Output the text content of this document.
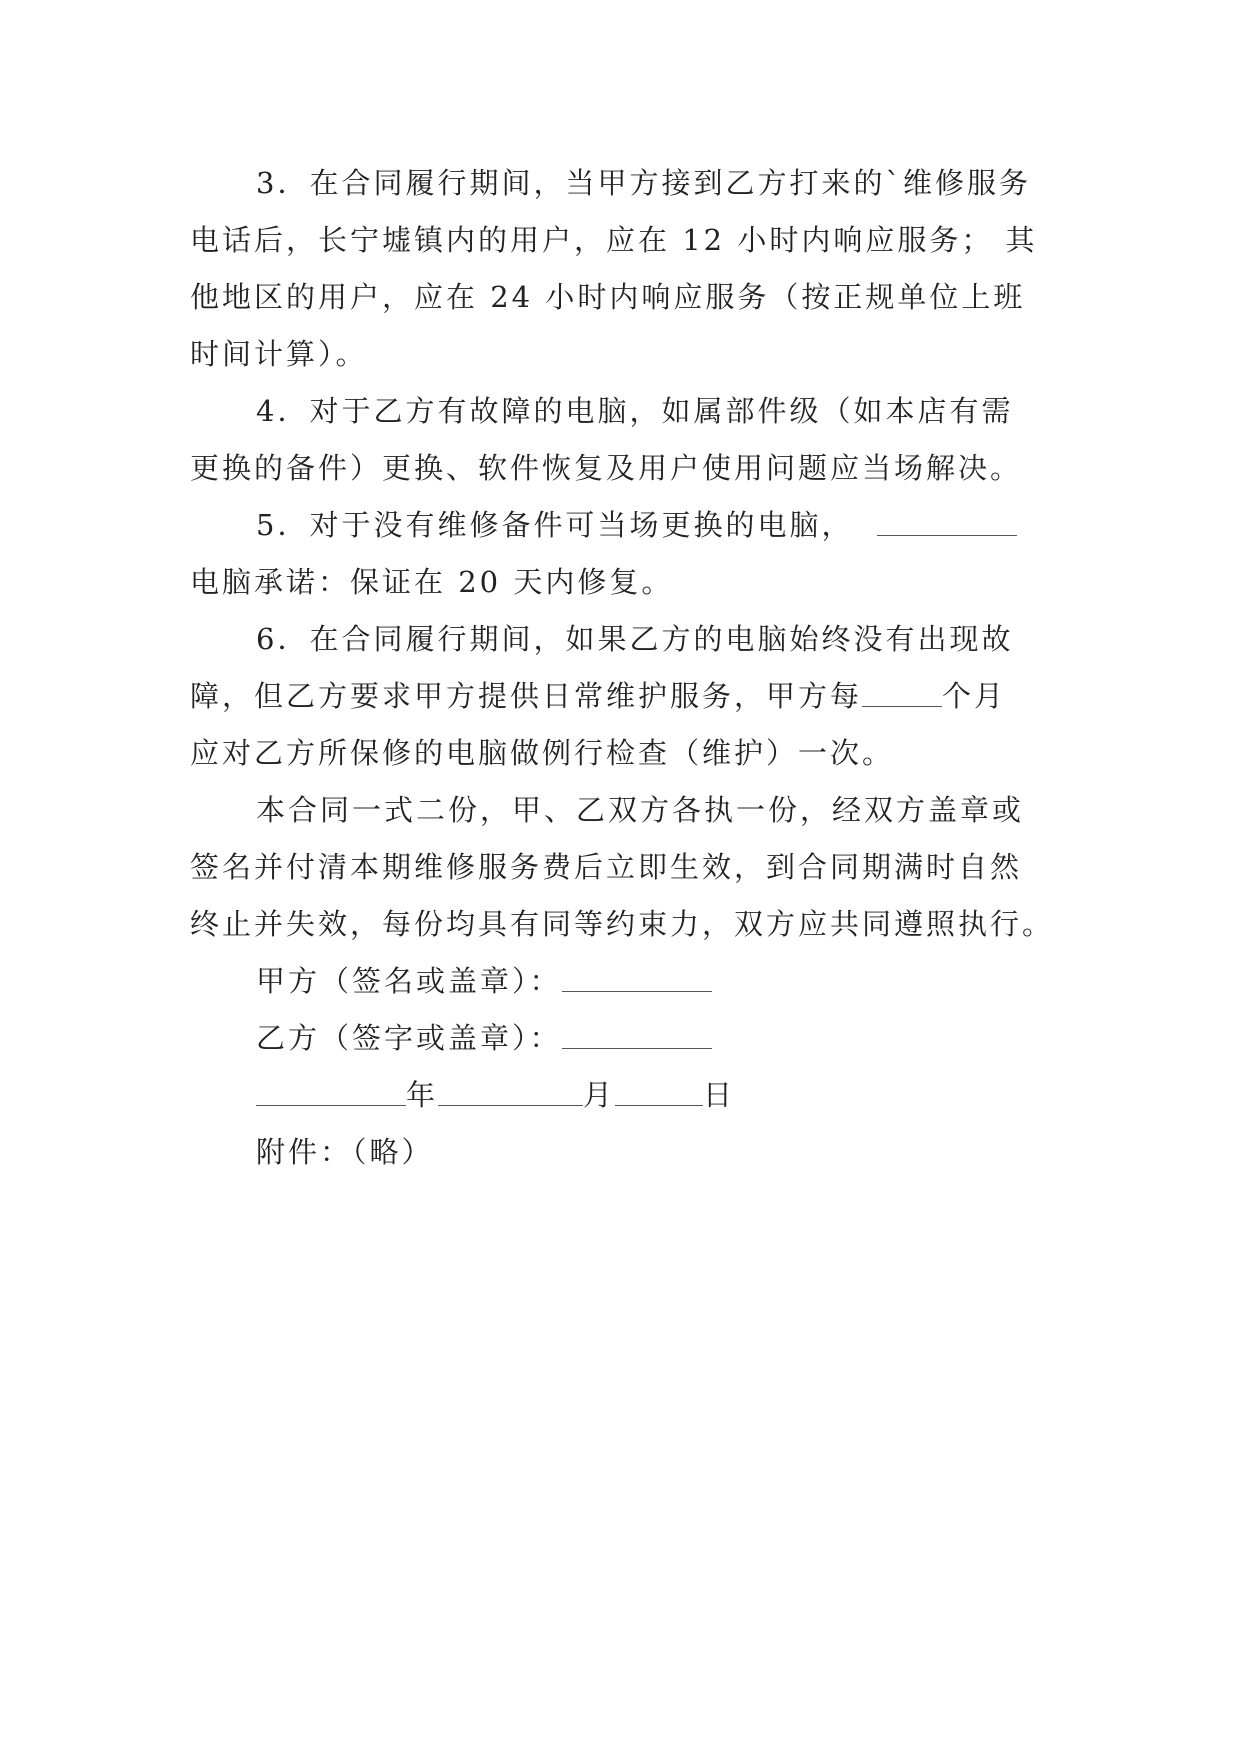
3．在合同履行期间，当甲方接到乙方打来的`维修服务
电话后，长宁墟镇内的用户，应在 12 小时内响应服务； 其
他地区的用户，应在 24 小时内响应服务（按正规单位上班
时间计算）。
4．对于乙方有故障的电脑，如属部件级（如本店有需
更换的备件）更换、软件恢复及用户使用问题应当场解决。
5．对于没有维修备件可当场更换的电脑，
电脑承诺：保证在 20 天内修复。
6．在合同履行期间，如果乙方的电脑始终没有出现故
障，但乙方要求甲方提供日常维护服务，甲方每	个月
应对乙方所保修的电脑做例行检查（维护）一次。
本合同一式二份，甲、乙双方各执一份，经双方盖章或
签名并付清本期维修服务费后立即生效，到合同期满时自然
终止并失效，每份均具有同等约束力，双方应共同遵照执行。
甲方（签名或盖章）：
乙方（签字或盖章）：
年	月	日
附件：（略）
